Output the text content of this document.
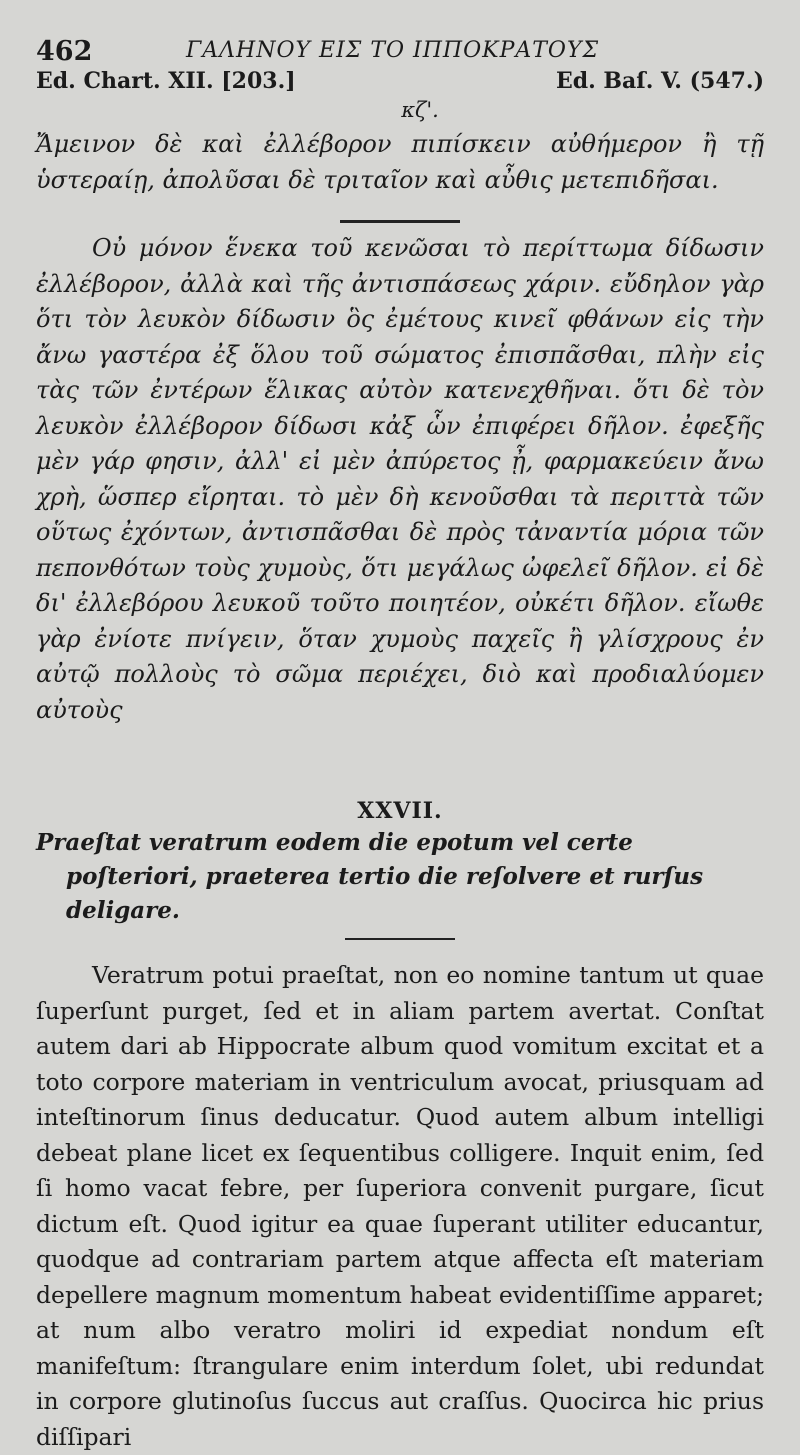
462	ΓΑΛΗΝΟΥ ΕΙΣ ΤΟ ΙΠΠΟΚΡΑΤΟΥΣ
Ed. Chart. XII. [203.]	Ed. Baſ. V. (547.)
κζ'.
Ἄμεινον δὲ καὶ ἐλλέβορον πιπίσκειν αὐθήμερον ἢ τῇ ὑστεραίῃ, ἀπολῦσαι δὲ τριταῖον καὶ αὖθις μετεπιδῆσαι.
Οὐ μόνον ἕνεκα τοῦ κενῶσαι τὸ περίττωμα δίδωσιν ἐλλέβορον, ἀλλὰ καὶ τῆς ἀντισπάσεως χάριν. εὔδηλον γὰρ ὅτι τὸν λευκὸν δίδωσιν ὃς ἐμέτους κινεῖ φθάνων εἰς τὴν ἄνω γαστέρα ἐξ ὅλου τοῦ σώματος ἐπισπᾶσθαι, πλὴν εἰς τὰς τῶν ἐντέρων ἕλικας αὐτὸν κατενεχθῆναι. ὅτι δὲ τὸν λευκὸν ἐλλέβορον δίδωσι κἀξ ὧν ἐπιφέρει δῆλον. ἐφεξῆς μὲν γάρ φησιν, ἀλλ' εἰ μὲν ἀπύρετος ᾖ, φαρμακεύειν ἄνω χρὴ, ὥσπερ εἴρηται. τὸ μὲν δὴ κενοῦσθαι τὰ περιττὰ τῶν οὕτως ἐχόντων, ἀντισπᾶσθαι δὲ πρὸς τἀναντία μόρια τῶν πεπονθότων τοὺς χυμοὺς, ὅτι μεγάλως ὠφελεῖ δῆλον. εἰ δὲ δι' ἐλλεβόρου λευκοῦ τοῦτο ποιητέον, οὐκέτι δῆλον. εἴωθε γὰρ ἐνίοτε πνίγειν, ὅταν χυμοὺς παχεῖς ἢ γλίσχρους ἐν αὐτῷ πολλοὺς τὸ σῶμα περιέχει, διὸ καὶ προδιαλύομεν αὐτοὺς
XXVII.
Praeſtat veratrum eodem die epotum vel certe poſteriori, praeterea tertio die reſolvere et rurſus deligare.
Veratrum potui praeſtat, non eo nomine tantum ut quae ſuperſunt purget, ſed et in aliam partem avertat. Conſtat autem dari ab Hippocrate album quod vomitum excitat et a toto corpore materiam in ventriculum avocat, priusquam ad inteſtinorum ſinus deducatur. Quod autem album intelligi debeat plane licet ex ſequentibus colligere. Inquit enim, ſed ſi homo vacat febre, per ſuperiora convenit purgare, ſicut dictum eſt. Quod igitur ea quae ſuperant utiliter educantur, quodque ad contrariam partem atque affecta eſt materiam depellere magnum momentum habeat evidentiſſime apparet; at num albo veratro moliri id expediat nondum eſt manifeſtum: ſtrangulare enim interdum ſolet, ubi redundat in corpore glutinoſus ſuccus aut craſſus. Quocirca hic prius diſſipari
